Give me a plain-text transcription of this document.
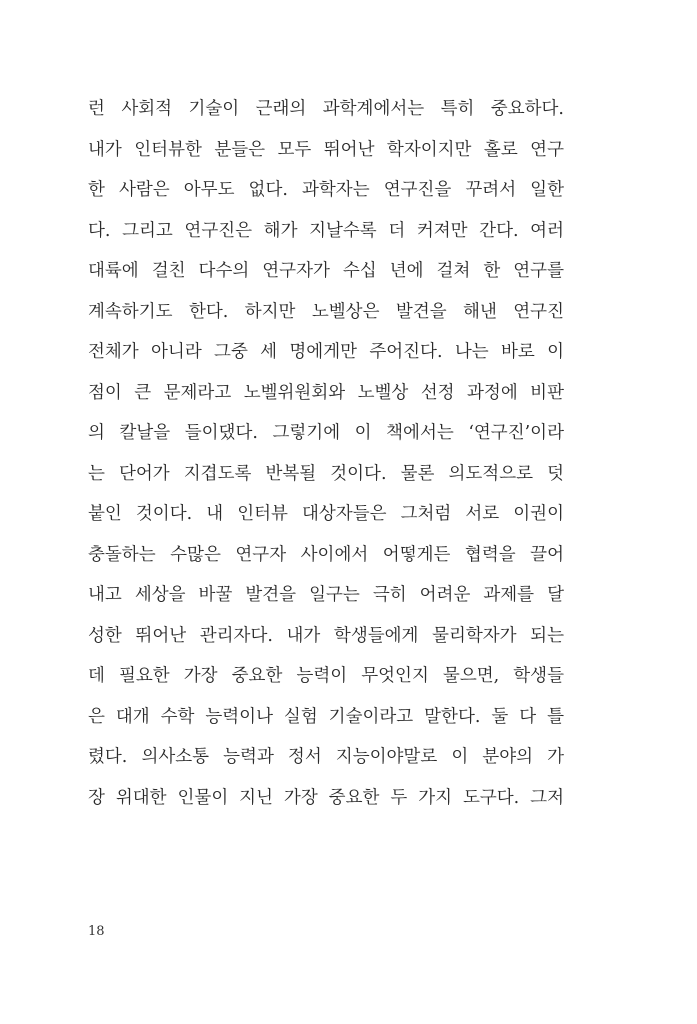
런 사회적 기술이 근래의 과학계에서는 특히 중요하다.
내가 인터뷰한 분들은 모두 뛰어난 학자이지만 홀로 연구
한 사람은 아무도 없다. 과학자는 연구진을 꾸려서 일한
다. 그리고 연구진은 해가 지날수록 더 커져만 간다. 여러
대륙에 걸친 다수의 연구자가 수십 년에 걸쳐 한 연구를
계속하기도 한다. 하지만 노벨상은 발견을 해낸 연구진
전체가 아니라 그중 세 명에게만 주어진다. 나는 바로 이
점이 큰 문제라고 노벨위원회와 노벨상 선정 과정에 비판
의 칼날을 들이댔다. 그렇기에 이 책에서는 ‘연구진’이라
는 단어가 지겹도록 반복될 것이다. 물론 의도적으로 덧
붙인 것이다. 내 인터뷰 대상자들은 그처럼 서로 이권이
충돌하는 수많은 연구자 사이에서 어떻게든 협력을 끌어
내고 세상을 바꿀 발견을 일구는 극히 어려운 과제를 달
성한 뛰어난 관리자다. 내가 학생들에게 물리학자가 되는
데 필요한 가장 중요한 능력이 무엇인지 물으면, 학생들
은 대개 수학 능력이나 실험 기술이라고 말한다. 둘 다 틀
렸다. 의사소통 능력과 정서 지능이야말로 이 분야의 가
장 위대한 인물이 지닌 가장 중요한 두 가지 도구다. 그저
18
